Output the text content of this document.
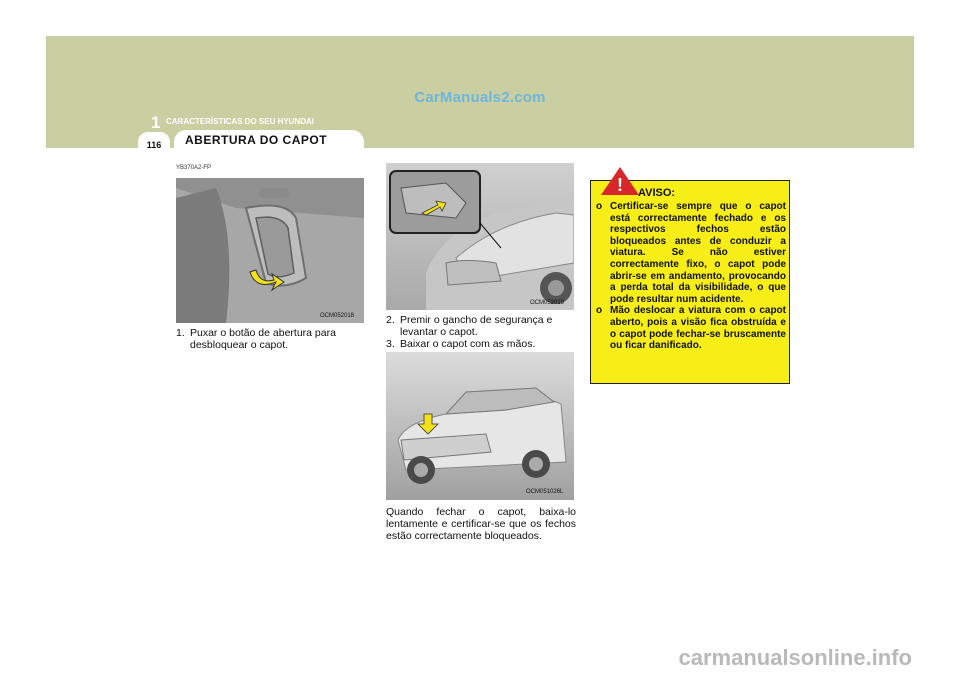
CarManuals2.com
1 CARACTERÍSTICAS DO SEU HYUNDAI
116	ABERTURA DO CAPOT
YB370A2-FP
OCM052018
1. Puxar o botão de abertura para desbloquear o capot.
OCM052019
2. Premir o gancho de segurança e levantar o capot.
3. Baixar o capot com as mãos.
OCM051026L
Quando fechar o capot, baixa-lo lentamente e certificar-se que os fechos estão correctamente bloqueados.
! AVISO:
o Certificar-se sempre que o capot está correctamente fechado e os respectivos fechos estão bloqueados antes de conduzir a viatura. Se não estiver correctamente fixo, o capot pode abrir-se em andamento, provocando a perda total da visibilidade, o que pode resultar num acidente.
o Mão deslocar a viatura com o capot aberto, pois a visão fica obstruída e o capot pode fechar-se bruscamente ou ficar danificado.
carmanualsonline.info
